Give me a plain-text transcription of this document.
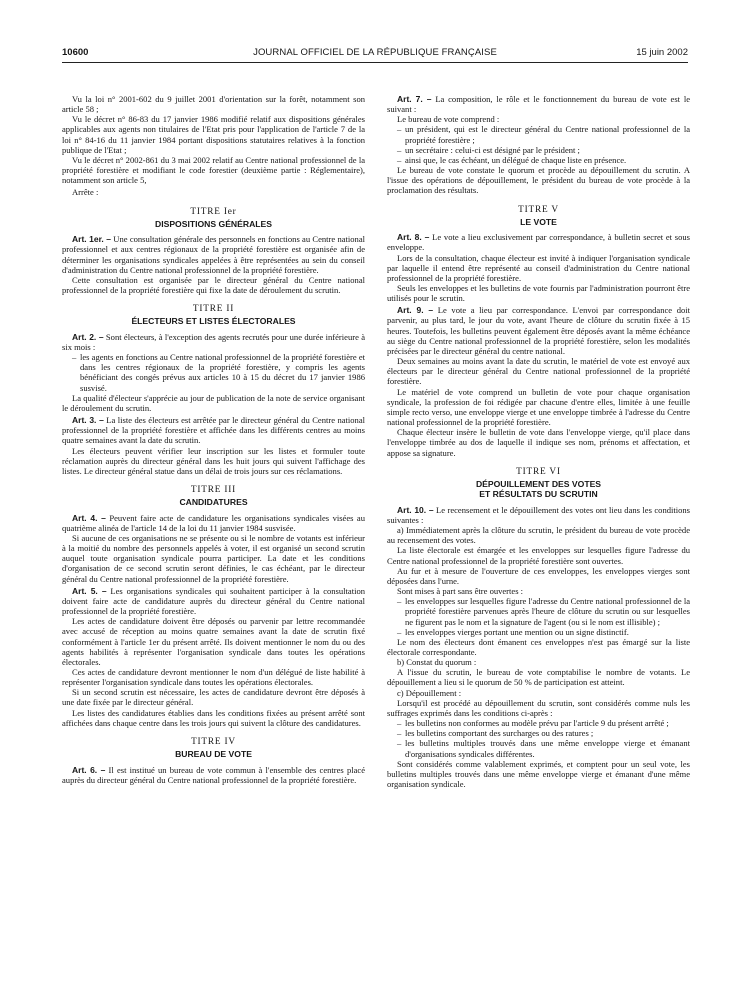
10600	JOURNAL OFFICIEL DE LA RÉPUBLIQUE FRANÇAISE	15 juin 2002

Vu la loi n° 2001-602 du 9 juillet 2001 d'orientation sur la forêt, notamment son article 58 ;

Vu le décret n° 86-83 du 17 janvier 1986 modifié relatif aux dispositions générales applicables aux agents non titulaires de l'Etat pris pour l'application de l'article 7 de la loi n° 84-16 du 11 janvier 1984 portant dispositions statutaires relatives à la fonction publique de l'Etat ;

Vu le décret n° 2002-861 du 3 mai 2002 relatif au Centre national professionnel de la propriété forestière et modifiant le code forestier (deuxième partie : Réglementaire), notamment son article 5,

Arrête :

TITRE Ier
DISPOSITIONS GÉNÉRALES

Art. 1er. – Une consultation générale des personnels en fonctions au Centre national professionnel et aux centres régionaux de la propriété forestière est organisée afin de déterminer les organisations syndicales appelées à être représentées au sein du conseil d'administration du Centre national professionnel de la propriété forestière.

Cette consultation est organisée par le directeur général du Centre national professionnel de la propriété forestière qui fixe la date de déroulement du scrutin.

TITRE II
ÉLECTEURS ET LISTES ÉLECTORALES

Art. 2. – Sont électeurs, à l'exception des agents recrutés pour une durée inférieure à six mois :

– les agents en fonctions au Centre national professionnel de la propriété forestière et dans les centres régionaux de la propriété forestière, y compris les agents bénéficiant des congés prévus aux articles 10 à 15 du décret du 17 janvier 1986 susvisé.

La qualité d'électeur s'apprécie au jour de publication de la note de service organisant le déroulement du scrutin.

Art. 3. – La liste des électeurs est arrêtée par le directeur général du Centre national professionnel de la propriété forestière et affichée dans les différents centres au moins quatre semaines avant la date du scrutin.

Les électeurs peuvent vérifier leur inscription sur les listes et formuler toute réclamation auprès du directeur général dans les huit jours qui suivent l'affichage des listes. Le directeur général statue dans un délai de trois jours sur ces réclamations.

TITRE III
CANDIDATURES

Art. 4. – Peuvent faire acte de candidature les organisations syndicales visées au quatrième alinéa de l'article 14 de la loi du 11 janvier 1984 susvisée.

Si aucune de ces organisations ne se présente ou si le nombre de votants est inférieur à la moitié du nombre des personnels appelés à voter, il est organisé un second scrutin auquel toute organisation syndicale pourra participer. La date et les conditions d'organisation de ce second scrutin seront définies, le cas échéant, par le directeur général du Centre national professionnel de la propriété forestière.

Art. 5. – Les organisations syndicales qui souhaitent participer à la consultation doivent faire acte de candidature auprès du directeur général du Centre national professionnel de la propriété forestière.

Les actes de candidature doivent être déposés ou parvenir par lettre recommandée avec accusé de réception au moins quatre semaines avant la date de scrutin fixé conformément à l'article 1er du présent arrêté. Ils doivent mentionner le nom du ou des agents habilités à représenter l'organisation syndicale dans toutes les opérations électorales.

Ces actes de candidature devront mentionner le nom d'un délégué de liste habilité à représenter l'organisation syndicale dans toutes les opérations électorales.

Si un second scrutin est nécessaire, les actes de candidature devront être déposés à une date fixée par le directeur général.

Les listes des candidatures établies dans les conditions fixées au présent arrêté sont affichées dans chaque centre dans les trois jours qui suivent la clôture des candidatures.

TITRE IV
BUREAU DE VOTE

Art. 6. – Il est institué un bureau de vote commun à l'ensemble des centres placé auprès du directeur général du Centre national professionnel de la propriété forestière.

Art. 7. – La composition, le rôle et le fonctionnement du bureau de vote est le suivant :

Le bureau de vote comprend :

– un président, qui est le directeur général du Centre national professionnel de la propriété forestière ;
– un secrétaire : celui-ci est désigné par le président ;
– ainsi que, le cas échéant, un délégué de chaque liste en présence.

Le bureau de vote constate le quorum et procède au dépouillement du scrutin. A l'issue des opérations de dépouillement, le président du bureau de vote procède à la proclamation des résultats.

TITRE V
LE VOTE

Art. 8. – Le vote a lieu exclusivement par correspondance, à bulletin secret et sous enveloppe.

Lors de la consultation, chaque électeur est invité à indiquer l'organisation syndicale par laquelle il entend être représenté au conseil d'administration du Centre national professionnel de la propriété forestière.

Seuls les enveloppes et les bulletins de vote fournis par l'administration pourront être utilisés pour le scrutin.

Art. 9. – Le vote a lieu par correspondance. L'envoi par correspondance doit parvenir, au plus tard, le jour du vote, avant l'heure de clôture du scrutin fixée à 15 heures. Toutefois, les bulletins peuvent également être déposés avant la même échéance au siège du Centre national professionnel de la propriété forestière, selon les modalités précisées par le directeur général du centre national.

Deux semaines au moins avant la date du scrutin, le matériel de vote est envoyé aux électeurs par le directeur général du Centre national professionnel de la propriété forestière.

Le matériel de vote comprend un bulletin de vote pour chaque organisation syndicale, la profession de foi rédigée par chacune d'entre elles, limitée à une feuille simple recto verso, une enveloppe vierge et une enveloppe timbrée à l'adresse du Centre national professionnel de la propriété forestière.

Chaque électeur insère le bulletin de vote dans l'enveloppe vierge, qu'il place dans l'enveloppe timbrée au dos de laquelle il indique ses nom, prénoms et affectation, et appose sa signature.

TITRE VI
DÉPOUILLEMENT DES VOTES
ET RÉSULTATS DU SCRUTIN

Art. 10. – Le recensement et le dépouillement des votes ont lieu dans les conditions suivantes :

a) Immédiatement après la clôture du scrutin, le président du bureau de vote procède au recensement des votes.

La liste électorale est émargée et les enveloppes sur lesquelles figure l'adresse du Centre national professionnel de la propriété forestière sont ouvertes.

Au fur et à mesure de l'ouverture de ces enveloppes, les enveloppes vierges sont déposées dans l'urne.

Sont mises à part sans être ouvertes :

– les enveloppes sur lesquelles figure l'adresse du Centre national professionnel de la propriété forestière parvenues après l'heure de clôture du scrutin ou sur lesquelles ne figurent pas le nom et la signature de l'agent (ou si le nom est illisible) ;
– les enveloppes vierges portant une mention ou un signe distinctif.

Le nom des électeurs dont émanent ces enveloppes n'est pas émargé sur la liste électorale correspondante.

b) Constat du quorum :

A l'issue du scrutin, le bureau de vote comptabilise le nombre de votants. Le dépouillement a lieu si le quorum de 50 % de participation est atteint.

c) Dépouillement :

Lorsqu'il est procédé au dépouillement du scrutin, sont considérés comme nuls les suffrages exprimés dans les conditions ci-après :

– les bulletins non conformes au modèle prévu par l'article 9 du présent arrêté ;
– les bulletins comportant des surcharges ou des ratures ;
– les bulletins multiples trouvés dans une même enveloppe vierge et émanant d'organisations syndicales différentes.

Sont considérés comme valablement exprimés, et comptent pour un seul vote, les bulletins multiples trouvés dans une même enveloppe vierge et émanant d'une même organisation syndicale.
